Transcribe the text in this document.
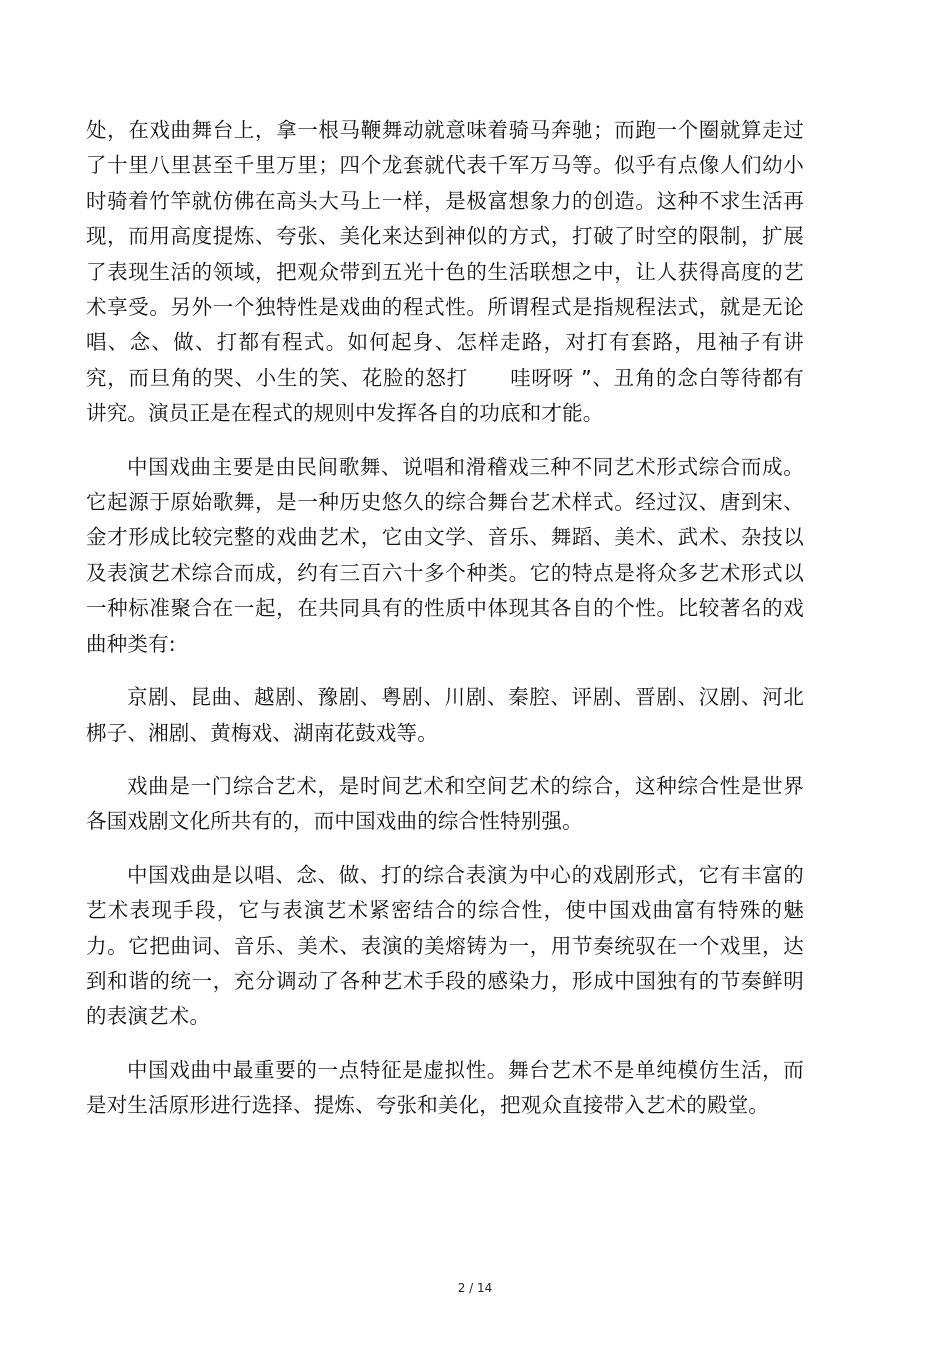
处，在戏曲舞台上，拿一根马鞭舞动就意味着骑马奔驰；而跑一个圈就算走过了十里八里甚至千里万里；四个龙套就代表千军万马等。似乎有点像人们幼小时骑着竹竿就仿佛在高头大马上一样，是极富想象力的创造。这种不求生活再现，而用高度提炼、夸张、美化来达到神似的方式，打破了时空的限制，扩展了表现生活的领域，把观众带到五光十色的生活联想之中，让人获得高度的艺术享受。另外一个独特性是戏曲的程式性。所谓程式是指规程法式，就是无论唱、念、做、打都有程式。如何起身、怎样走路，对打有套路，甩袖子有讲究，而旦角的哭、小生的笑、花脸的怒打　　哇呀呀 ”、丑角的念白等待都有讲究。演员正是在程式的规则中发挥各自的功底和才能。

中国戏曲主要是由民间歌舞、说唱和滑稽戏三种不同艺术形式综合而成。它起源于原始歌舞，是一种历史悠久的综合舞台艺术样式。经过汉、唐到宋、金才形成比较完整的戏曲艺术，它由文学、音乐、舞蹈、美术、武术、杂技以及表演艺术综合而成，约有三百六十多个种类。它的特点是将众多艺术形式以一种标准聚合在一起，在共同具有的性质中体现其各自的个性。比较著名的戏曲种类有:

京剧、昆曲、越剧、豫剧、粤剧、川剧、秦腔、评剧、晋剧、汉剧、河北梆子、湘剧、黄梅戏、湖南花鼓戏等。

戏曲是一门综合艺术，是时间艺术和空间艺术的综合，这种综合性是世界各国戏剧文化所共有的，而中国戏曲的综合性特别强。

中国戏曲是以唱、念、做、打的综合表演为中心的戏剧形式，它有丰富的艺术表现手段，它与表演艺术紧密结合的综合性，使中国戏曲富有特殊的魅力。它把曲词、音乐、美术、表演的美熔铸为一，用节奏统驭在一个戏里，达到和谐的统一，充分调动了各种艺术手段的感染力，形成中国独有的节奏鲜明的表演艺术。

中国戏曲中最重要的一点特征是虚拟性。舞台艺术不是单纯模仿生活，而是对生活原形进行选择、提炼、夸张和美化，把观众直接带入艺术的殿堂。

2 / 14
